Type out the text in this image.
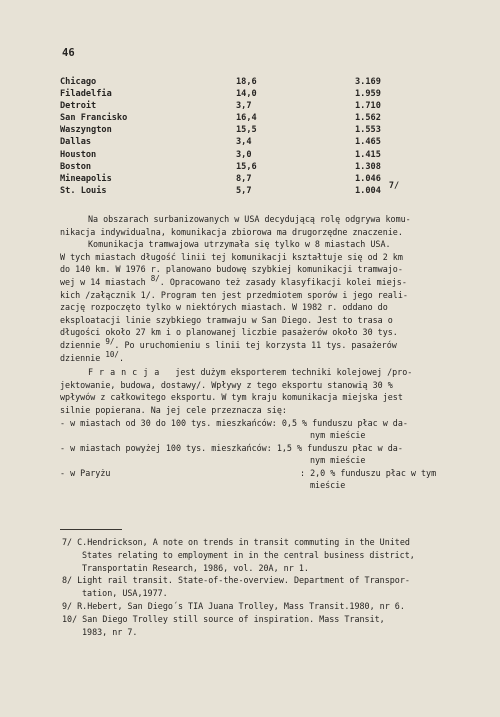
46
Chicago	18,6	3.169
Filadelfia	14,0	1.959
Detroit	3,7	1.710
San Francisko	16,4	1.562
Waszyngton	15,5	1.553
Dallas	3,4	1.465
Houston	3,0	1.415
Boston	15,6	1.308
Mineapolis	8,7	1.046
St. Louis	5,7	1.004 7/
Na obszarach surbanizowanych w USA decydującą rolę odgrywa komu-
nikacja indywidualna, komunikacja zbiorowa ma drugorzędne znaczenie.
Komunikacja tramwajowa utrzymała się tylko w 8 miastach USA.
W tych miastach długość linii tej komunikacji kształtuje się od 2 km
do 140 km. W 1976 r. planowano budowę szybkiej komunikacji tramwajo-
wej w 14 miastach 8/. Opracowano też zasady klasyfikacji kolei miejs-
kich /załącznik 1/. Program ten jest przedmiotem sporów i jego reali-
zację rozpoczęto tylko w niektórych miastach. W 1982 r. oddano do
eksploatacji linie szybkiego tramwaju w San Diego. Jest to trasa o
długości około 27 km i o planowanej liczbie pasażerów około 30 tys.
dziennie 9/. Po uruchomieniu s linii tej korzysta 11 tys. pasażerów
dziennie 10/.
Francja jest dużym eksporterem techniki kolejowej /pro-
jektowanie, budowa, dostawy/. Wpływy z tego eksportu stanowią 30 %
wpływów z całkowitego eksportu. W tym kraju komunikacja miejska jest
silnie popierana. Na jej cele przeznacza się:
- w miastach od 30 do 100 tys. mieszkańców: 0,5 % funduszu płac w da-
nym mieście
- w miastach powyżej 100 tys. mieszkańców: 1,5 % funduszu płac w da-
nym mieście
- w Paryżu	: 2,0 % funduszu płac w tym
mieście
7/ C.Hendrickson, A note on trends in transit commuting in the United
States relating to employment in in the central business district,
Transportatin Research, 1986, vol. 20A, nr 1.
8/ Light rail transit. State-of-the-overview. Department of Transpor-
tation, USA,1977.
9/ R.Hebert, San Diego´s TIA Juana Trolley, Mass Transit.1980, nr 6.
10/ San Diego Trolley still source of inspiration. Mass Transit,
1983, nr 7.
